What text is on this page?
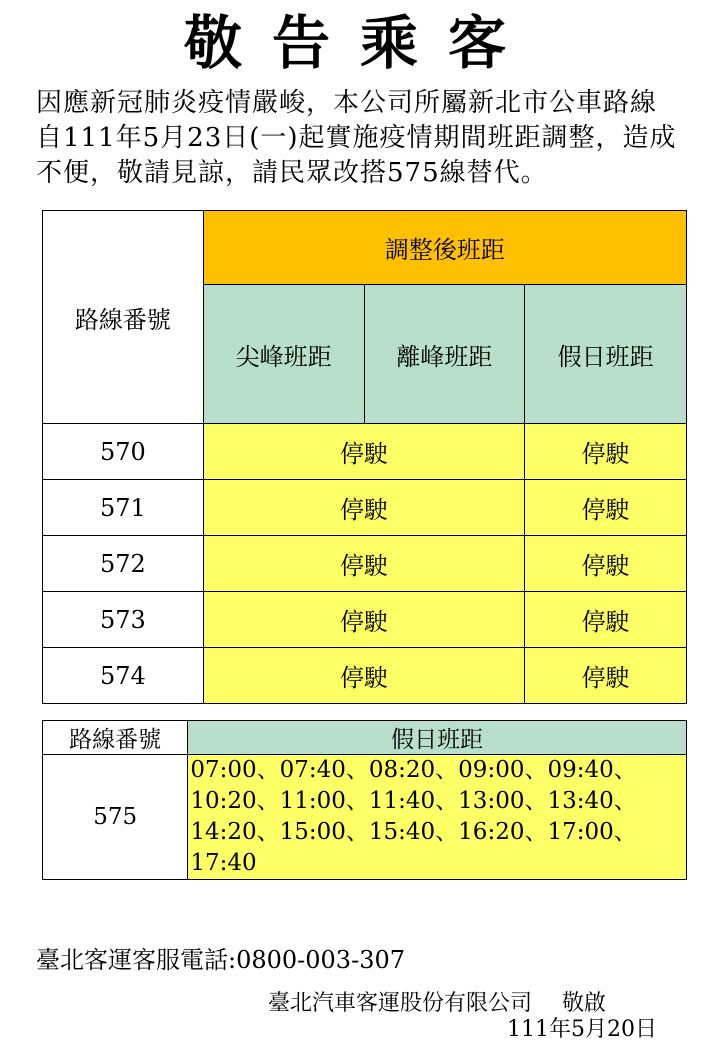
敬告乘客
因應新冠肺炎疫情嚴峻，本公司所屬新北市公車路線
自111年5月23日(一)起實施疫情期間班距調整，造成
不便，敬請見諒，請民眾改搭575線替代。
路線番號	調整後班距		
	尖峰班距	離峰班距	假日班距
570	停駛		停駛
571	停駛		停駛
572	停駛		停駛
573	停駛		停駛
574	停駛		停駛
路線番號	假日班距
575	07:00、07:40、08:20、09:00、09:40、
10:20、11:00、11:40、13:00、13:40、
14:20、15:00、15:40、16:20、17:00、
17:40
臺北客運客服電話:0800-003-307
臺北汽車客運股份有限公司 敬啟
111年5月20日
